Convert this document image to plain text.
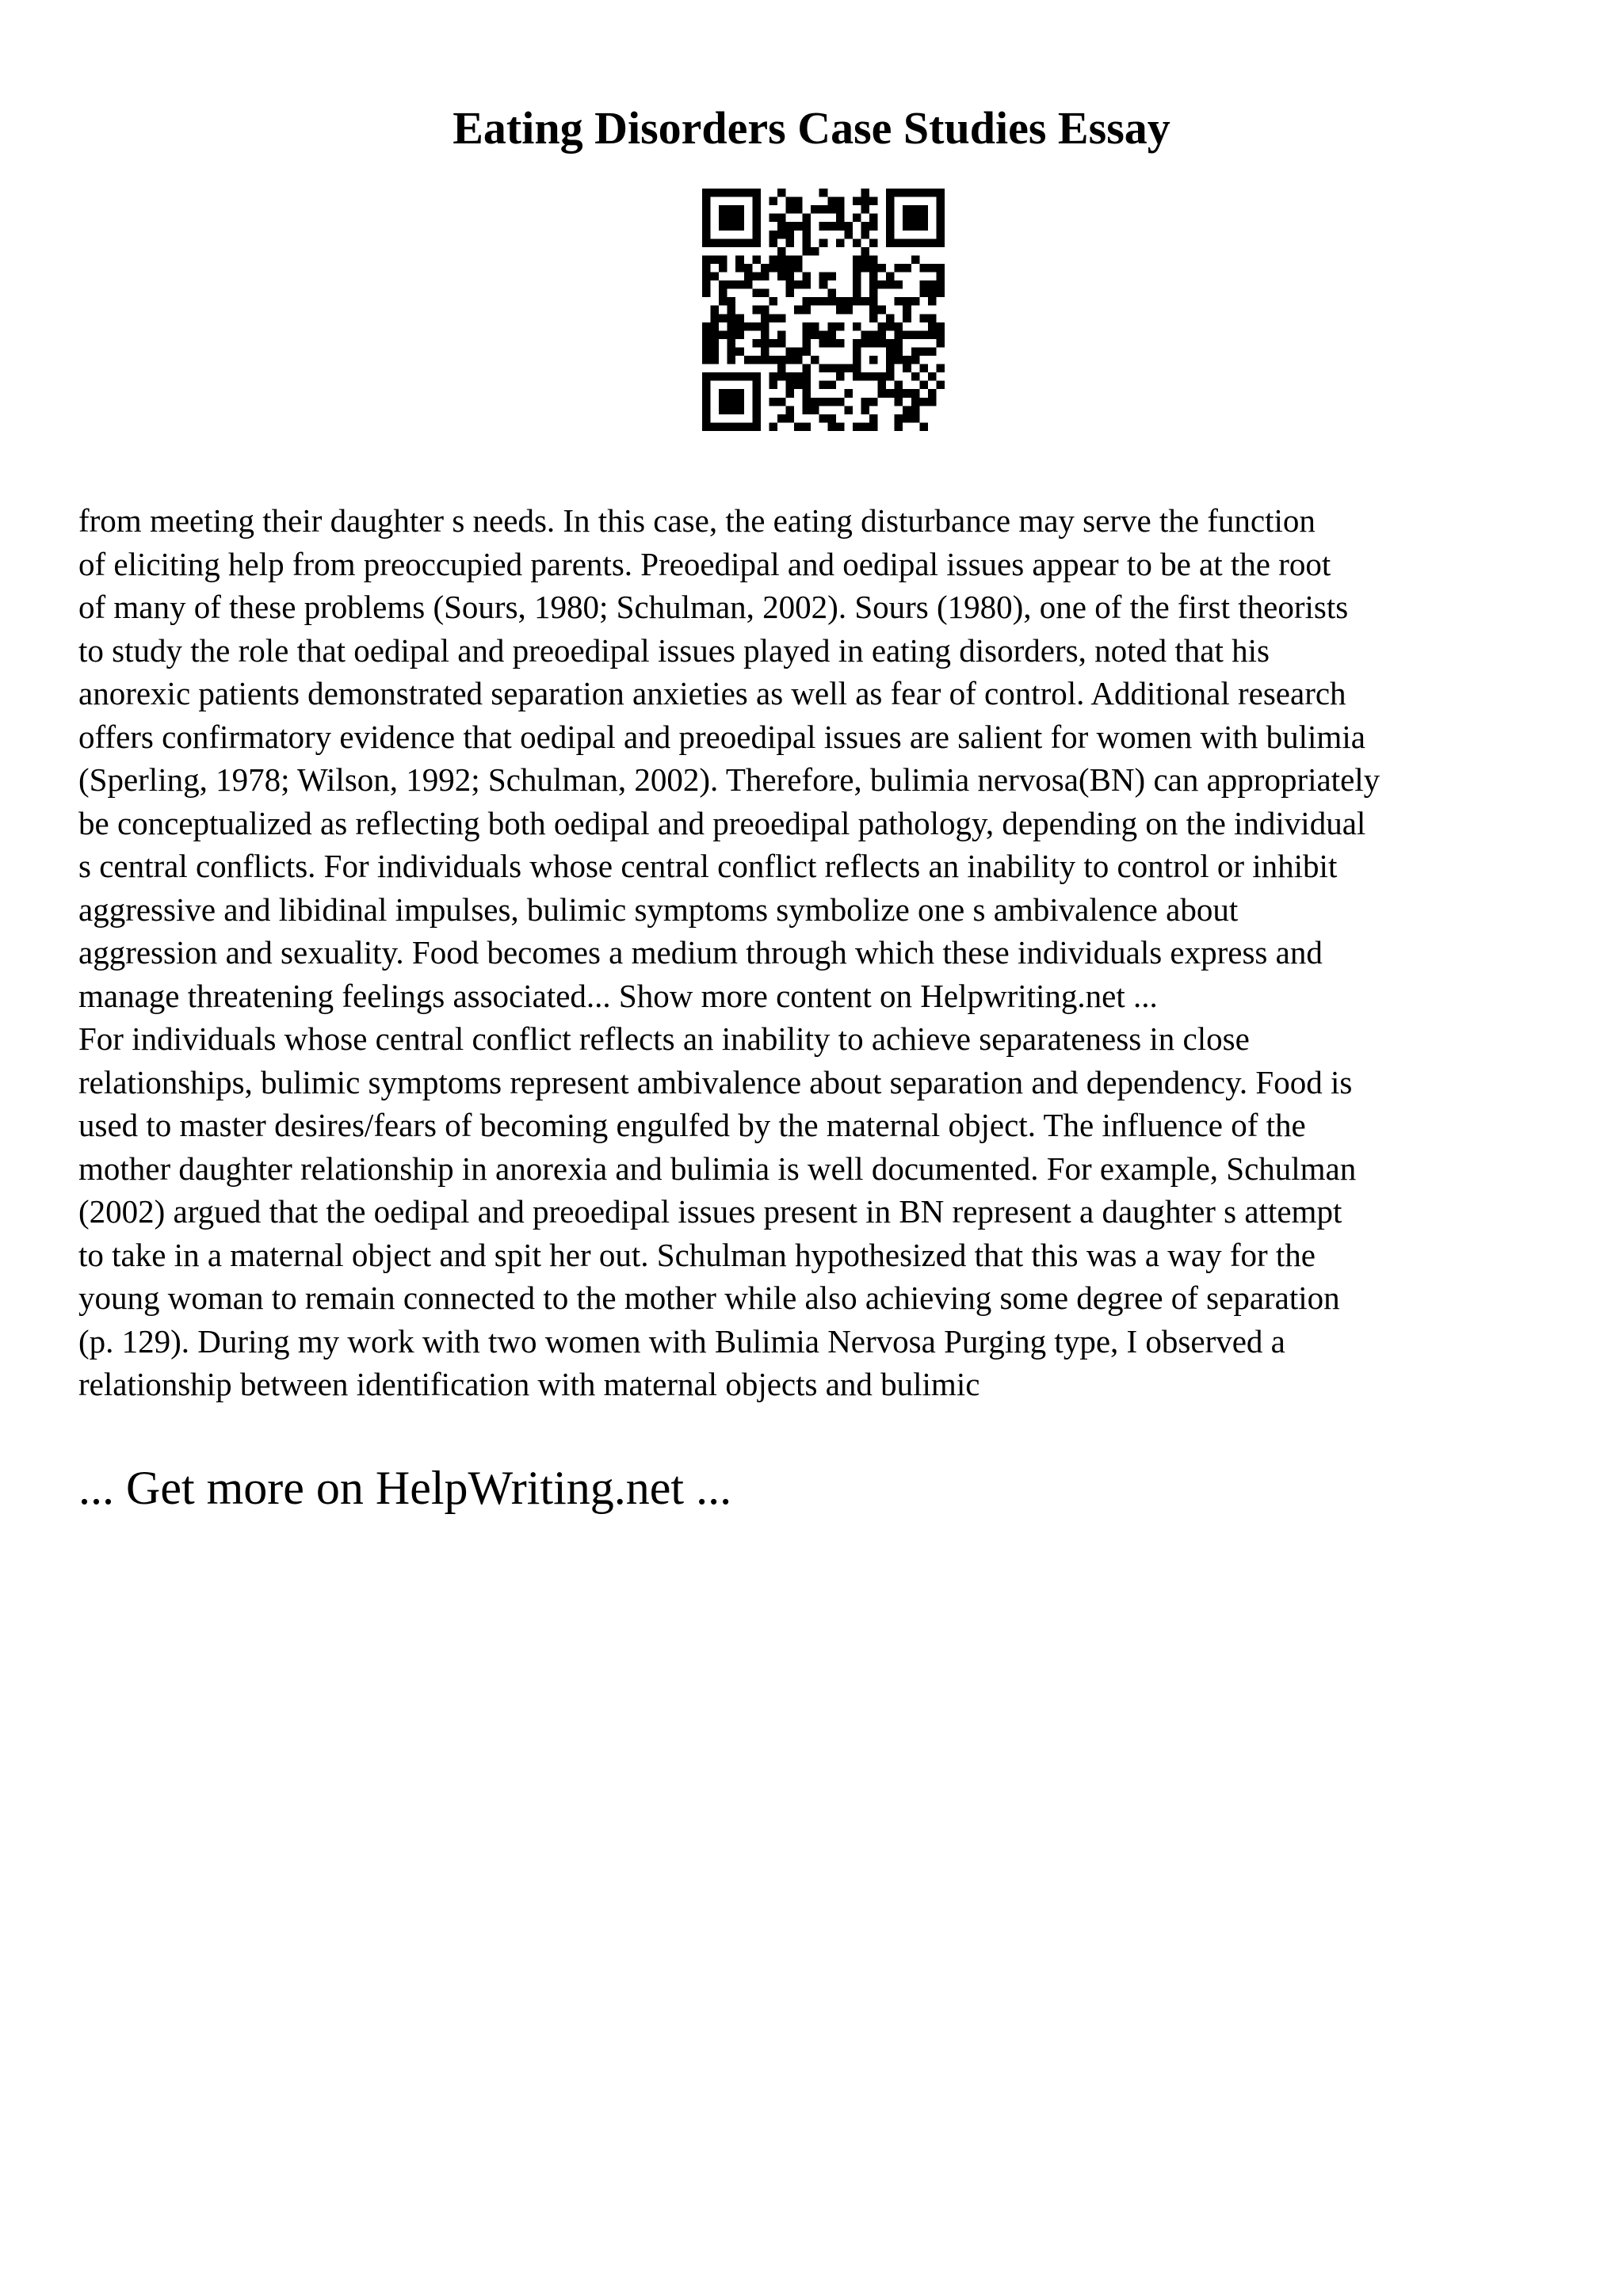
Eating Disorders Case Studies Essay
from meeting their daughter s needs. In this case, the eating disturbance may serve the function
of eliciting help from preoccupied parents. Preoedipal and oedipal issues appear to be at the root
of many of these problems (Sours, 1980; Schulman, 2002). Sours (1980), one of the first theorists
to study the role that oedipal and preoedipal issues played in eating disorders, noted that his
anorexic patients demonstrated separation anxieties as well as fear of control. Additional research
offers confirmatory evidence that oedipal and preoedipal issues are salient for women with bulimia
(Sperling, 1978; Wilson, 1992; Schulman, 2002). Therefore, bulimia nervosa(BN) can appropriately
be conceptualized as reflecting both oedipal and preoedipal pathology, depending on the individual
s central conflicts. For individuals whose central conflict reflects an inability to control or inhibit
aggressive and libidinal impulses, bulimic symptoms symbolize one s ambivalence about
aggression and sexuality. Food becomes a medium through which these individuals express and
manage threatening feelings associated... Show more content on Helpwriting.net ...
For individuals whose central conflict reflects an inability to achieve separateness in close
relationships, bulimic symptoms represent ambivalence about separation and dependency. Food is
used to master desires/fears of becoming engulfed by the maternal object. The influence of the
mother daughter relationship in anorexia and bulimia is well documented. For example, Schulman
(2002) argued that the oedipal and preoedipal issues present in BN represent a daughter s attempt
to take in a maternal object and spit her out. Schulman hypothesized that this was a way for the
young woman to remain connected to the mother while also achieving some degree of separation
(p. 129). During my work with two women with Bulimia Nervosa Purging type, I observed a
relationship between identification with maternal objects and bulimic

... Get more on HelpWriting.net ...
